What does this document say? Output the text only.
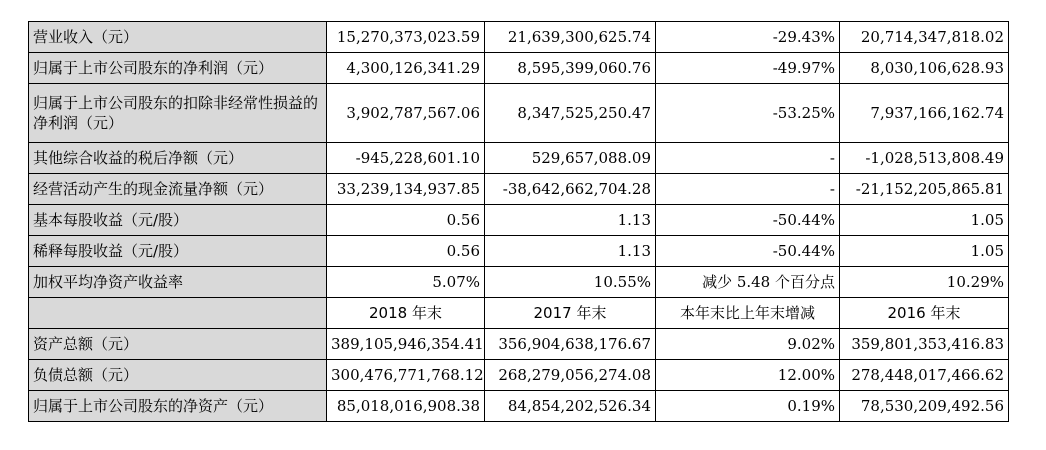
营业收入（元）	15,270,373,023.59	21,639,300,625.74	-29.43%	20,714,347,818.02
归属于上市公司股东的净利润（元）	4,300,126,341.29	8,595,399,060.76	-49.97%	8,030,106,628.93
归属于上市公司股东的扣除非经常性损益的净利润（元）	3,902,787,567.06	8,347,525,250.47	-53.25%	7,937,166,162.74
其他综合收益的税后净额（元）	-945,228,601.10	529,657,088.09	-	-1,028,513,808.49
经营活动产生的现金流量净额（元）	33,239,134,937.85	-38,642,662,704.28	-	-21,152,205,865.81
基本每股收益（元/股）	0.56	1.13	-50.44%	1.05
稀释每股收益（元/股）	0.56	1.13	-50.44%	1.05
加权平均净资产收益率	5.07%	10.55%	减少 5.48 个百分点	10.29%
	2018 年末	2017 年末	本年末比上年末增减	2016 年末
资产总额（元）	389,105,946,354.41	356,904,638,176.67	9.02%	359,801,353,416.83
负债总额（元）	300,476,771,768.12	268,279,056,274.08	12.00%	278,448,017,466.62
归属于上市公司股东的净资产（元）	85,018,016,908.38	84,854,202,526.34	0.19%	78,530,209,492.56
